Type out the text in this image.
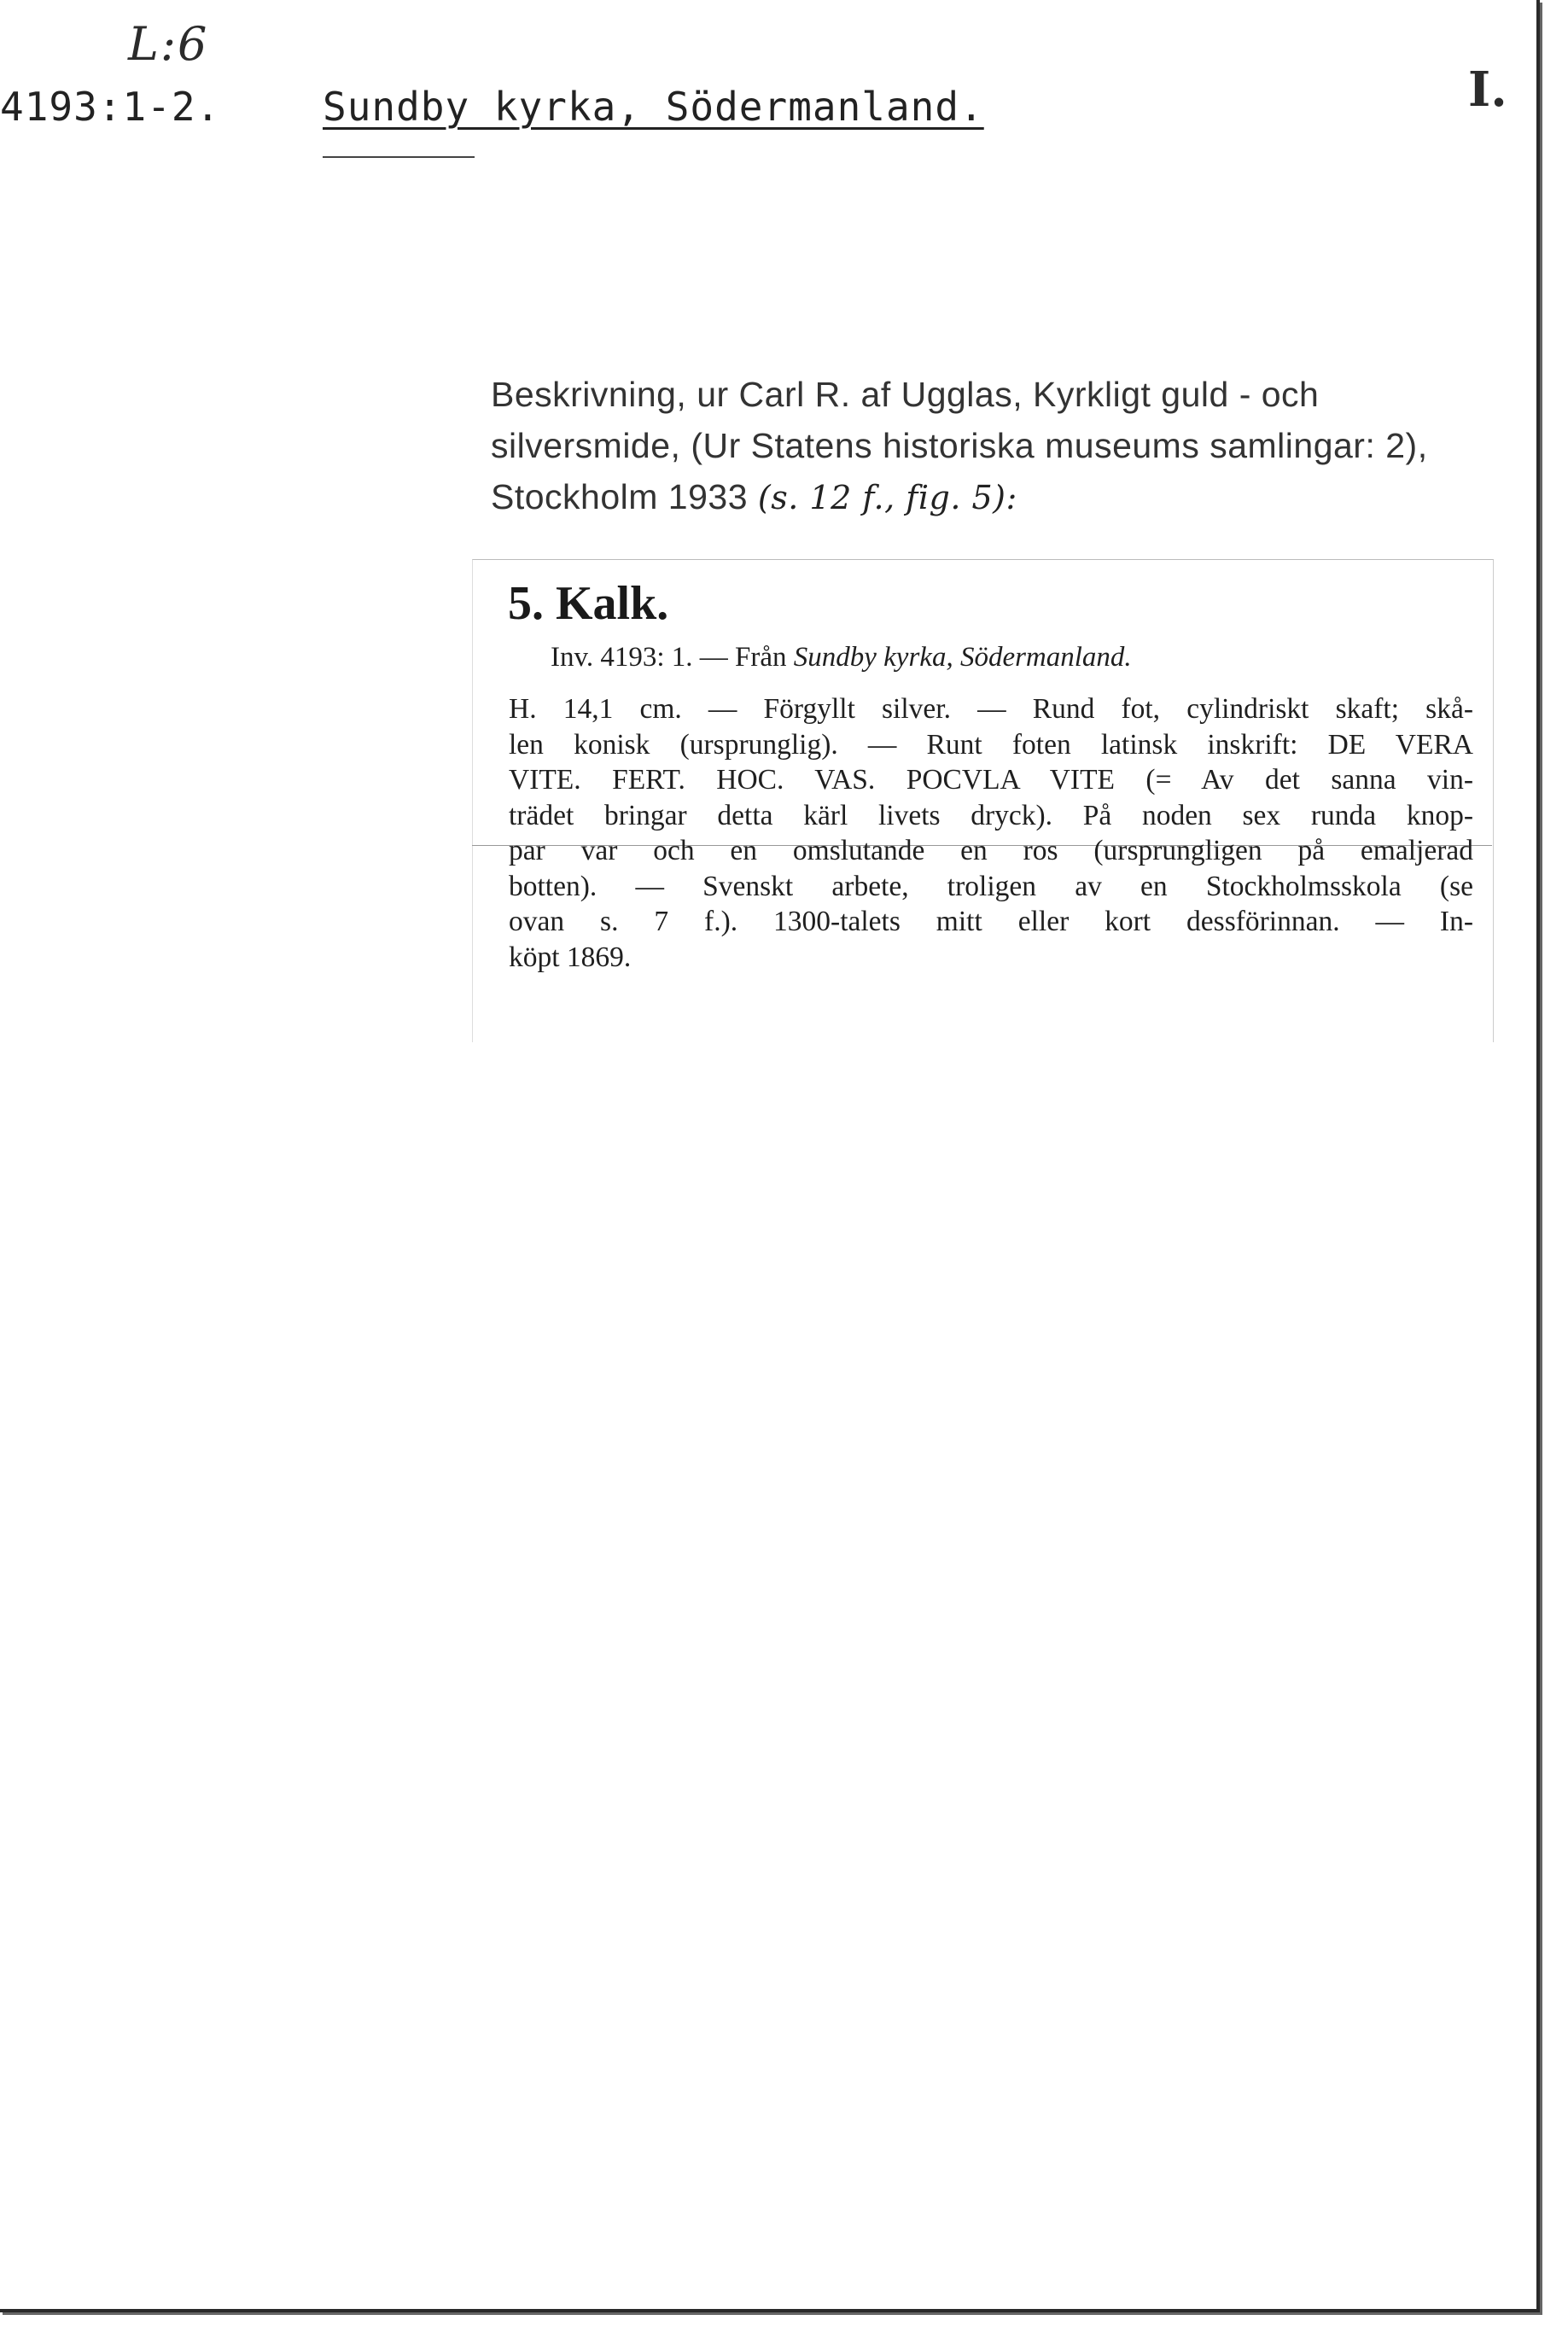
L:6
I.
4193:1-2.	Sundby kyrka, Södermanland.
Beskrivning, ur Carl R. af Ugglas, Kyrkligt guld - och
silversmide, (Ur Statens historiska museums samlingar: 2),
Stockholm 1933 (s. 12 f., fig. 5):
5. Kalk.
Inv. 4193: 1. — Från Sundby kyrka, Södermanland.
H. 14,1 cm. — Förgyllt silver. — Rund fot, cylindriskt skaft; skå-
len konisk (ursprunglig). — Runt foten latinsk inskrift: DE VERA
VITE. FERT. HOC. VAS. POCVLA VITE (= Av det sanna vin-
trädet bringar detta kärl livets dryck). På noden sex runda knop-
par var och en omslutande en ros (ursprungligen på emaljerad
botten). — Svenskt arbete, troligen av en Stockholmsskola (se
ovan s. 7 f.). 1300-talets mitt eller kort dessförinnan. — In-
köpt 1869.
